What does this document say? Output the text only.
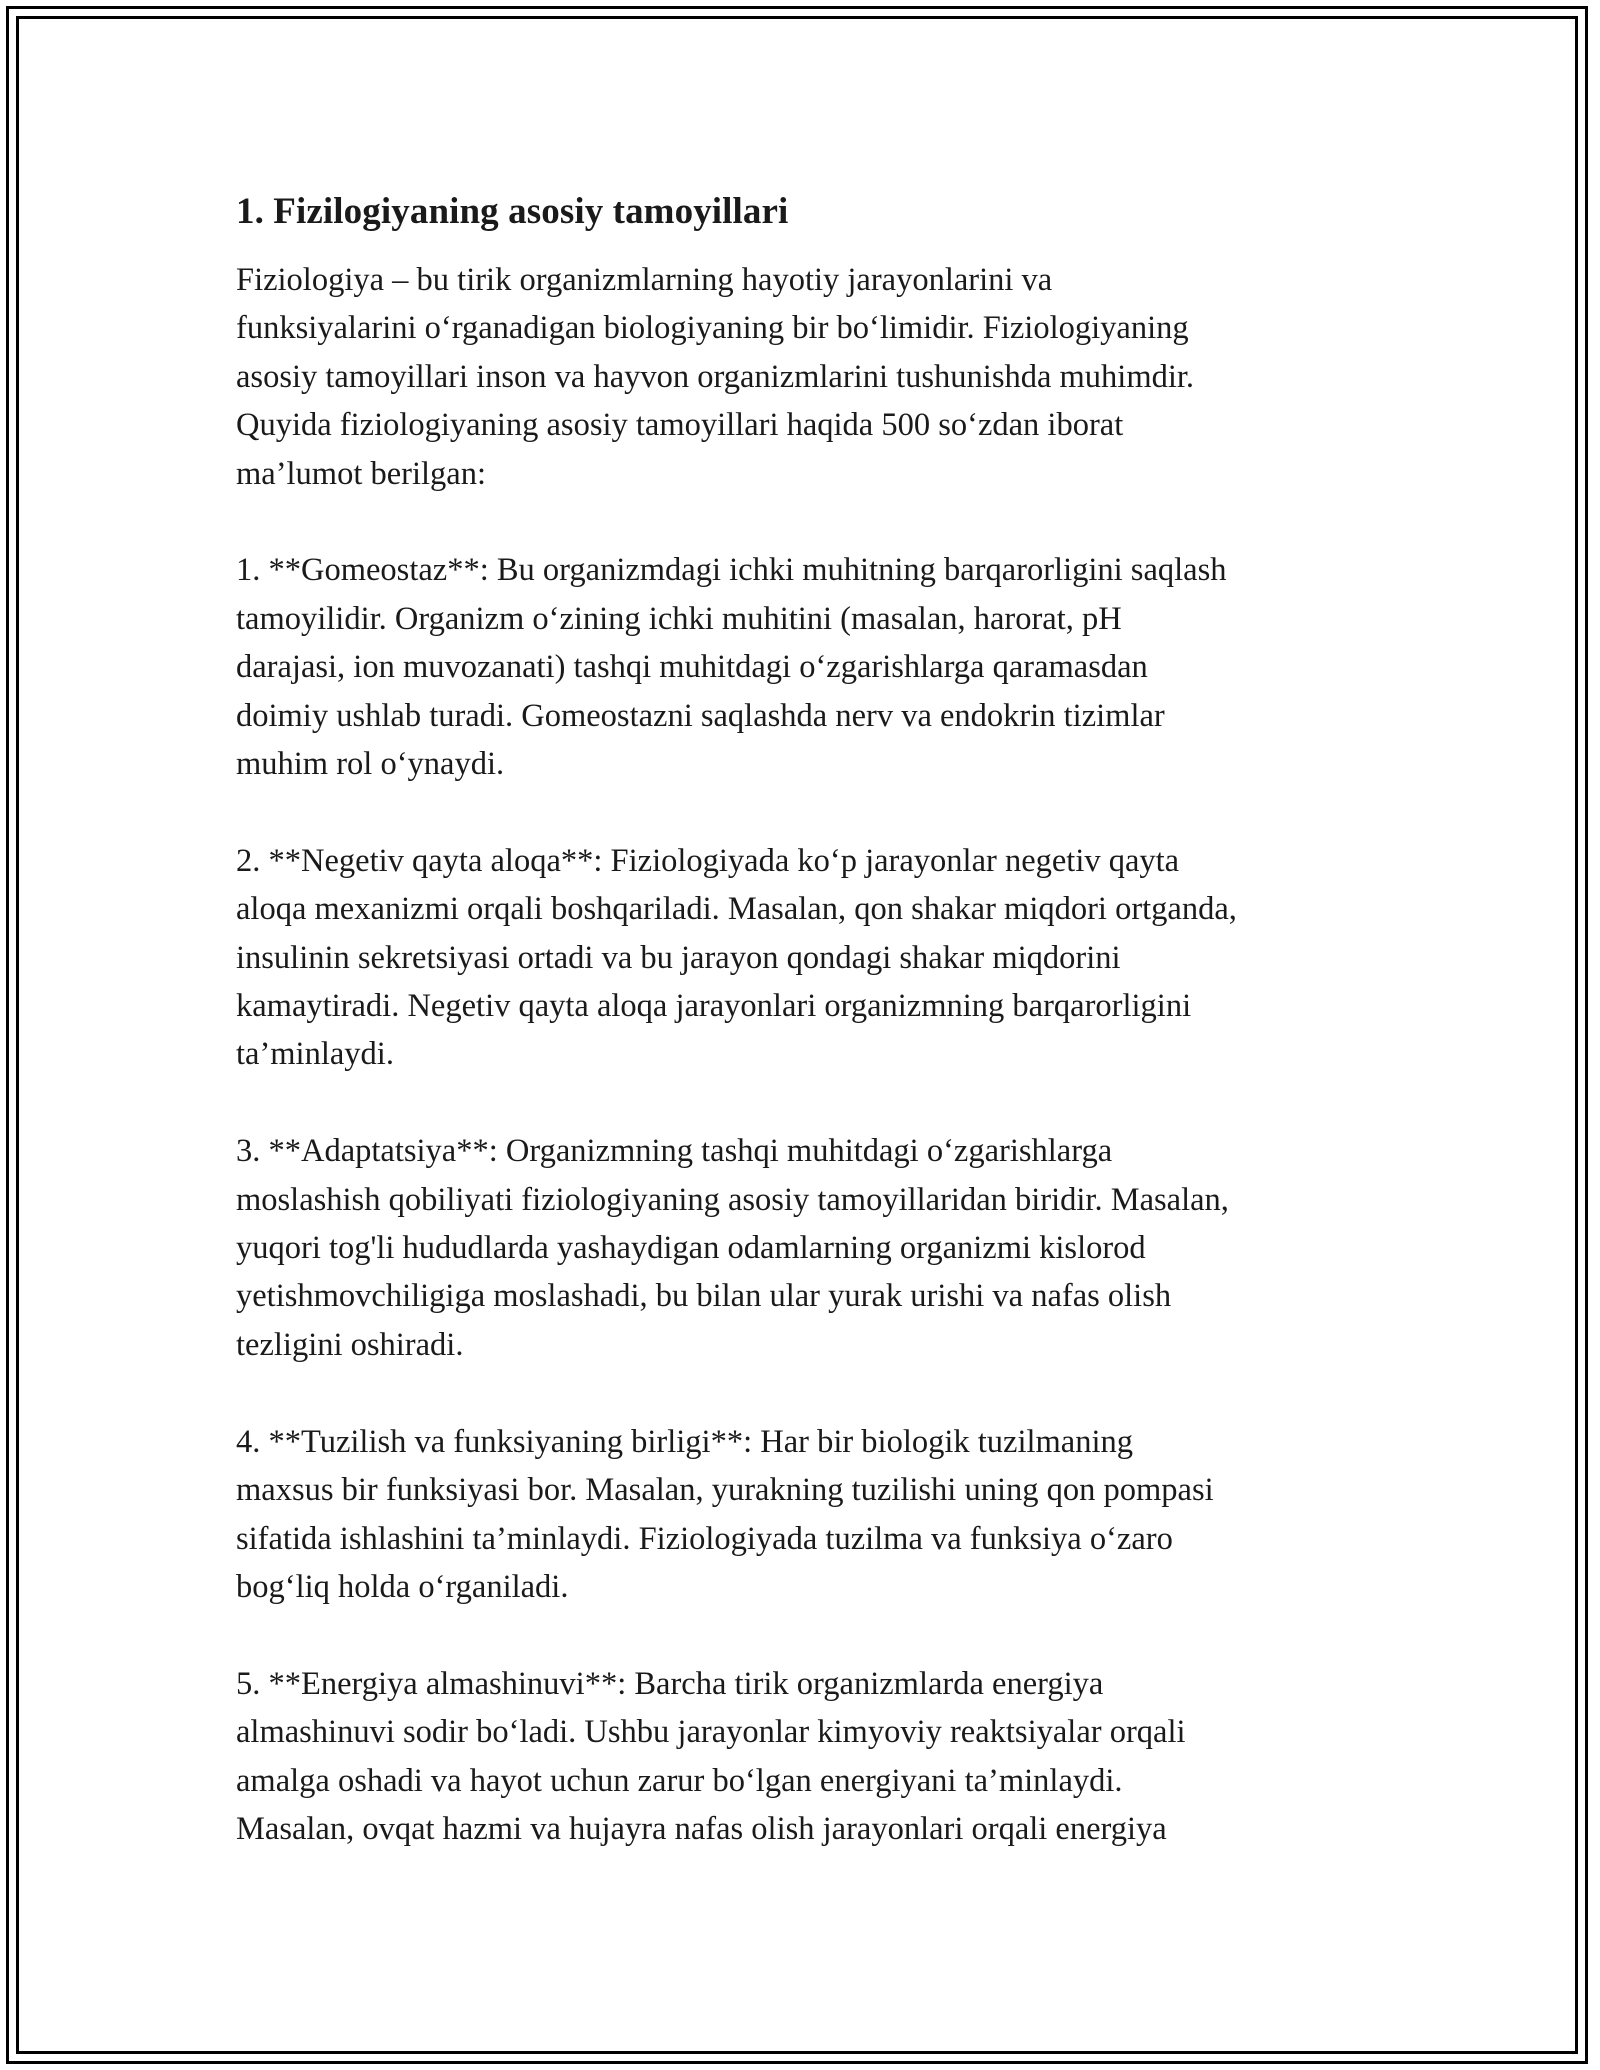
1. Fizilogiyaning asosiy tamoyillari

Fiziologiya – bu tirik organizmlarning hayotiy jarayonlarini va
funksiyalarini o‘rganadigan biologiyaning bir bo‘limidir. Fiziologiyaning
asosiy tamoyillari inson va hayvon organizmlarini tushunishda muhimdir.
Quyida fiziologiyaning asosiy tamoyillari haqida 500 so‘zdan iborat
ma’lumot berilgan:

1. **Gomeostaz**: Bu organizmdagi ichki muhitning barqarorligini saqlash
tamoyilidir. Organizm o‘zining ichki muhitini (masalan, harorat, pH
darajasi, ion muvozanati) tashqi muhitdagi o‘zgarishlarga qaramasdan
doimiy ushlab turadi. Gomeostazni saqlashda nerv va endokrin tizimlar
muhim rol o‘ynaydi.

2. **Negetiv qayta aloqa**: Fiziologiyada ko‘p jarayonlar negetiv qayta
aloqa mexanizmi orqali boshqariladi. Masalan, qon shakar miqdori ortganda,
insulinin sekretsiyasi ortadi va bu jarayon qondagi shakar miqdorini
kamaytiradi. Negetiv qayta aloqa jarayonlari organizmning barqarorligini
ta’minlaydi.

3. **Adaptatsiya**: Organizmning tashqi muhitdagi o‘zgarishlarga
moslashish qobiliyati fiziologiyaning asosiy tamoyillaridan biridir. Masalan,
yuqori tog'li hududlarda yashaydigan odamlarning organizmi kislorod
yetishmovchiligiga moslashadi, bu bilan ular yurak urishi va nafas olish
tezligini oshiradi.

4. **Tuzilish va funksiyaning birligi**: Har bir biologik tuzilmaning
maxsus bir funksiyasi bor. Masalan, yurakning tuzilishi uning qon pompasi
sifatida ishlashini ta’minlaydi. Fiziologiyada tuzilma va funksiya o‘zaro
bog‘liq holda o‘rganiladi.

5. **Energiya almashinuvi**: Barcha tirik organizmlarda energiya
almashinuvi sodir bo‘ladi. Ushbu jarayonlar kimyoviy reaktsiyalar orqali
amalga oshadi va hayot uchun zarur bo‘lgan energiyani ta’minlaydi.
Masalan, ovqat hazmi va hujayra nafas olish jarayonlari orqali energiya
